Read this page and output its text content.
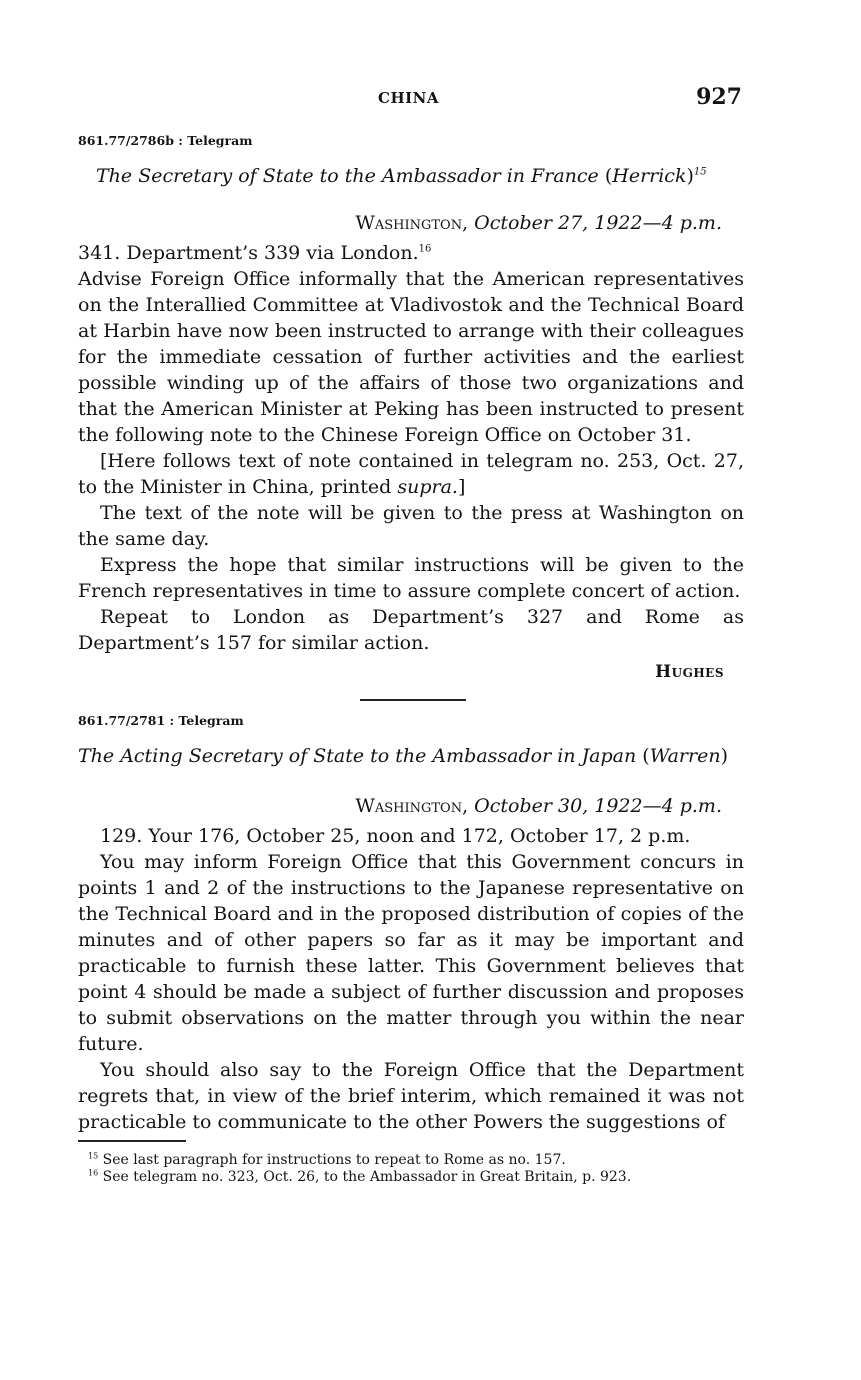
CHINA	927
861.77/2786b : Telegram
The Secretary of State to the Ambassador in France (Herrick)$^{15}$
Washington, October 27, 1922—4 p.m.

341. Department’s 339 via London.$^{16}$

Advise Foreign Office informally that the American representatives on the Interallied Committee at Vladivostok and the Technical Board at Harbin have now been instructed to arrange with their colleagues for the immediate cessation of further activities and the earliest possible winding up of the affairs of those two organizations and that the American Minister at Peking has been instructed to present the following note to the Chinese Foreign Office on October 31.

[Here follows text of note contained in telegram no. 253, Oct. 27, to the Minister in China, printed supra.]

The text of the note will be given to the press at Washington on the same day.

Express the hope that similar instructions will be given to the French representatives in time to assure complete concert of action.

Repeat to London as Department’s 327 and Rome as Department’s 157 for similar action.

Hughes
861.77/2781 : Telegram
The Acting Secretary of State to the Ambassador in Japan (Warren)
Washington, October 30, 1922—4 p.m.

129. Your 176, October 25, noon and 172, October 17, 2 p.m.

You may inform Foreign Office that this Government concurs in points 1 and 2 of the instructions to the Japanese representative on the Technical Board and in the proposed distribution of copies of the minutes and of other papers so far as it may be important and practicable to furnish these latter. This Government believes that point 4 should be made a subject of further discussion and proposes to submit observations on the matter through you within the near future.

You should also say to the Foreign Office that the Department regrets that, in view of the brief interim, which remained it was not practicable to communicate to the other Powers the suggestions of

$^{15}$ See last paragraph for instructions to repeat to Rome as no. 157.

$^{16}$ See telegram no. 323, Oct. 26, to the Ambassador in Great Britain, p. 923.
